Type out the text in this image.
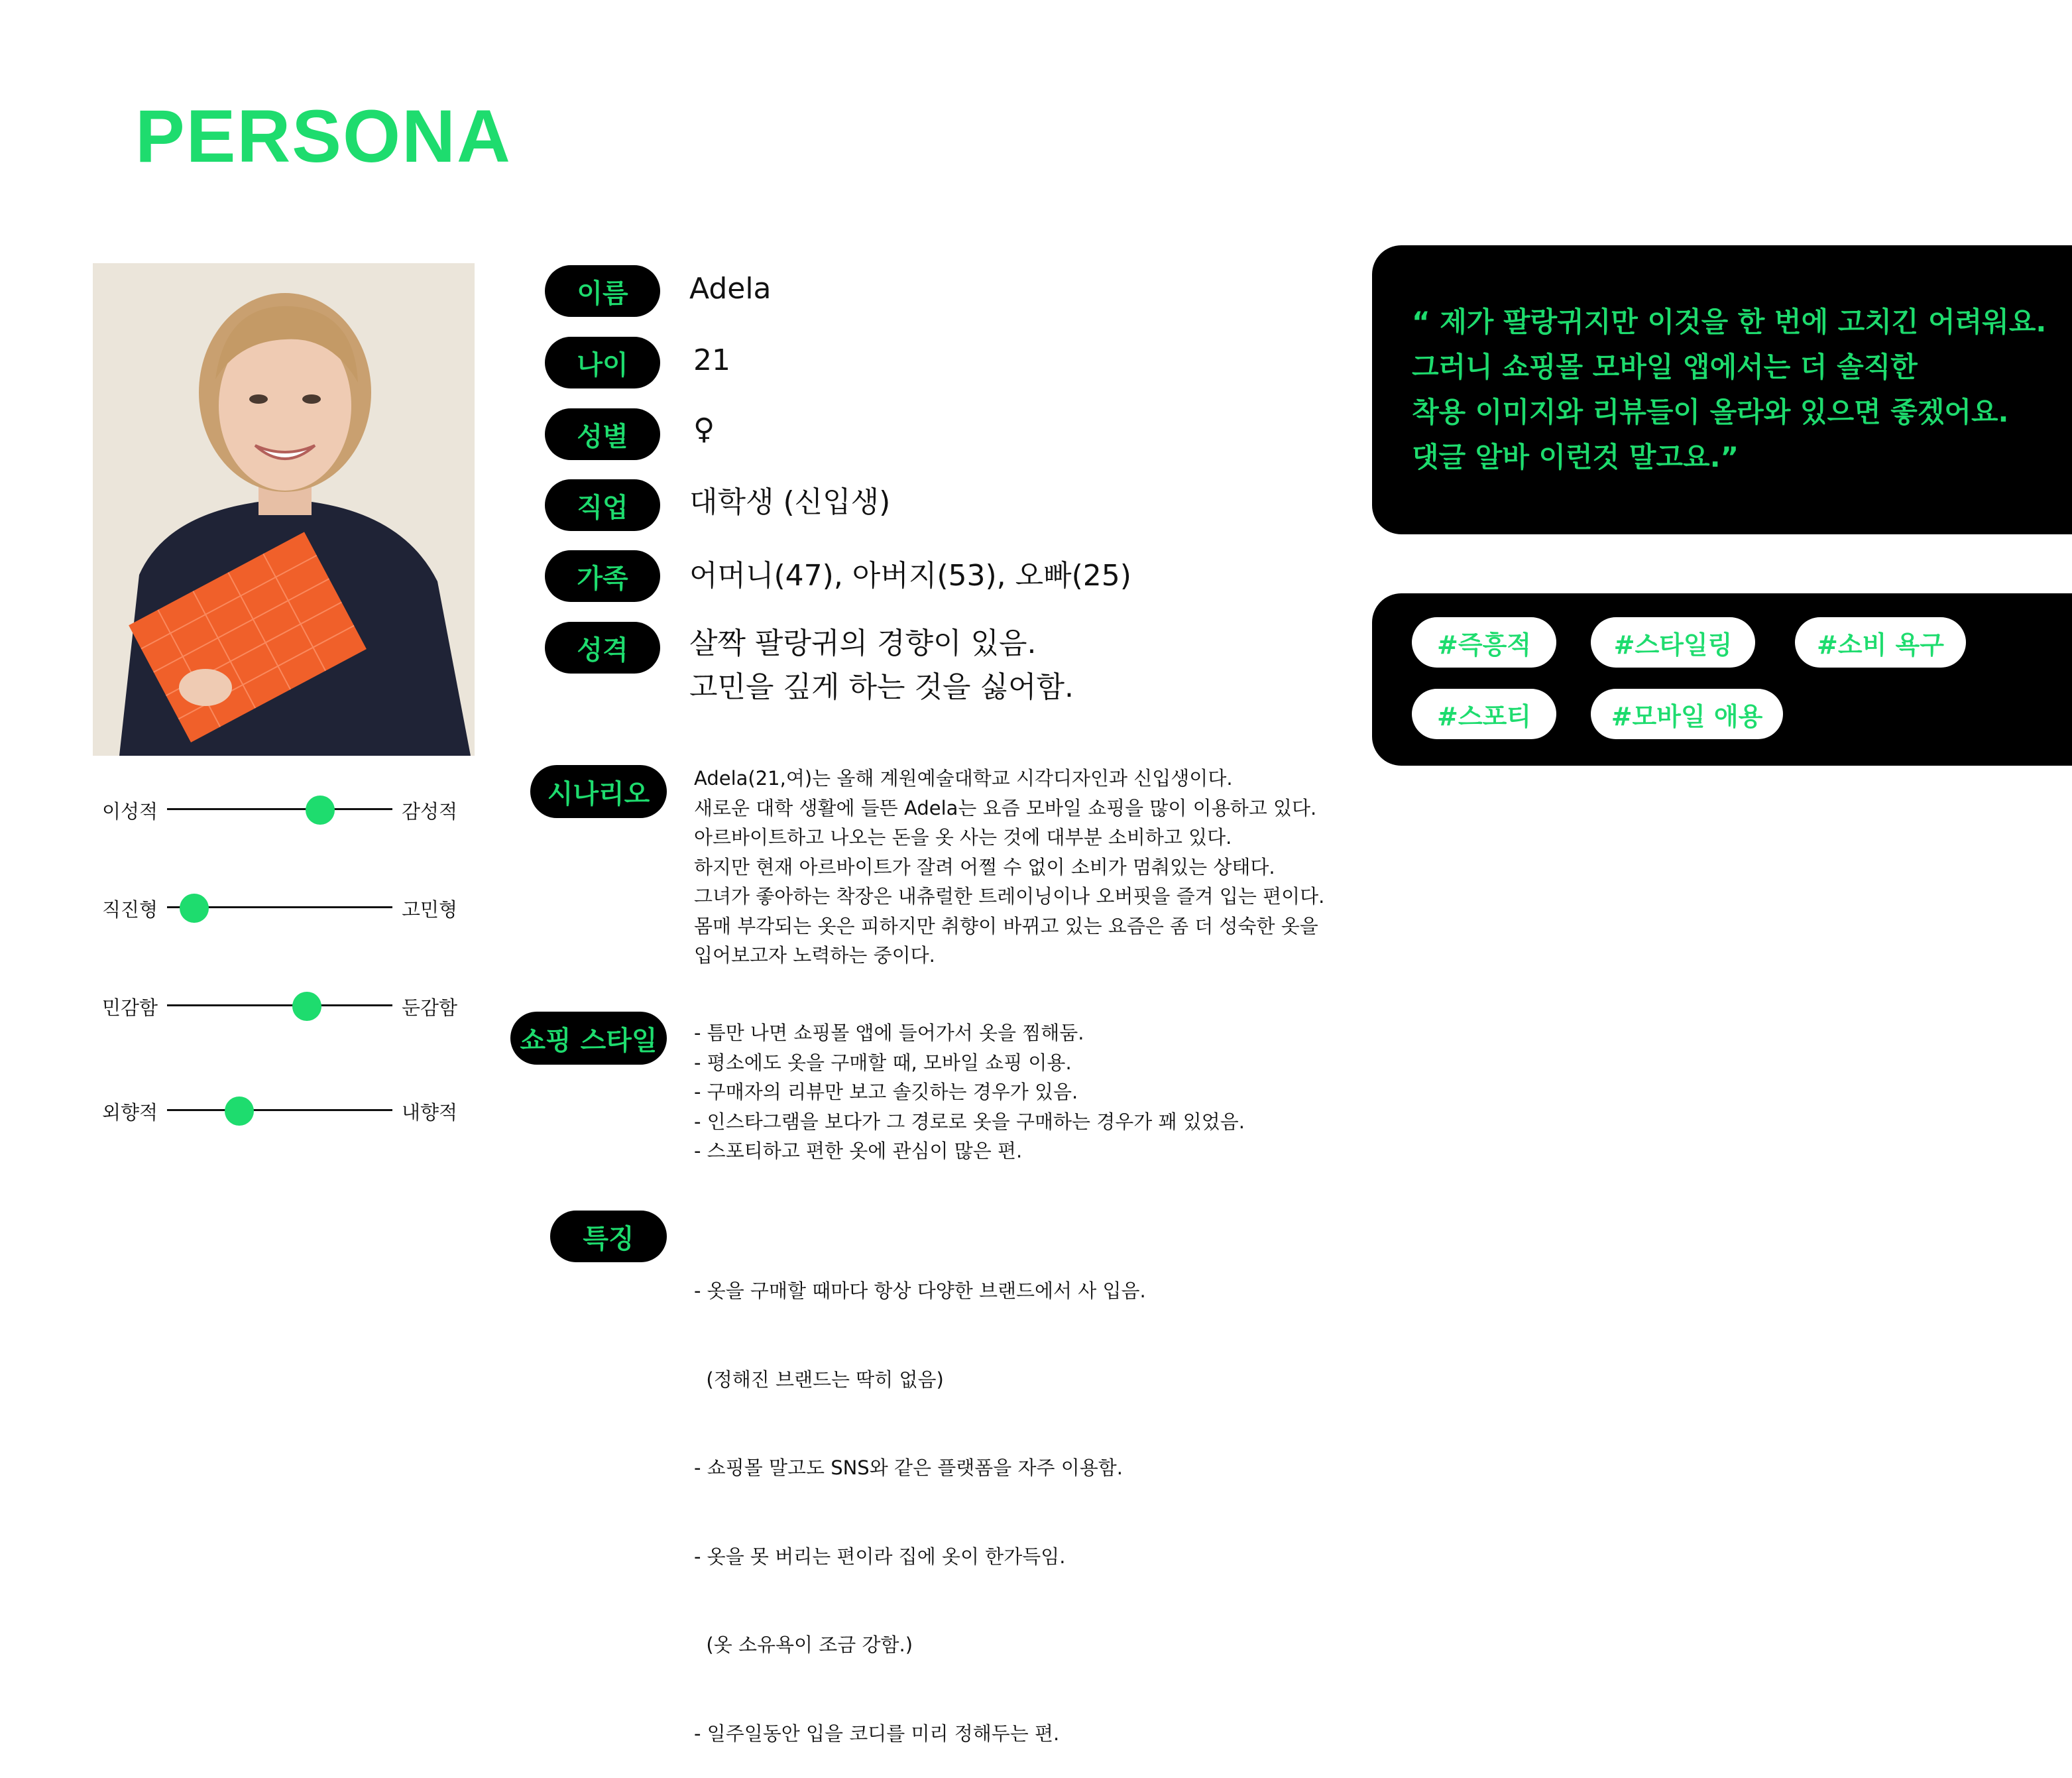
PERSONA
이름	Adela
나이	21
성별	♀
직업	대학생 (신입생)
가족	어머니(47), 아버지(53), 오빠(25)
성격	살짝 팔랑귀의 경향이 있음.
고민을 깊게 하는 것을 싫어함.
시나리오
Adela(21,여)는 올해 계원예술대학교 시각디자인과 신입생이다.
새로운 대학 생활에 들뜬 Adela는 요즘 모바일 쇼핑을 많이 이용하고 있다.
아르바이트하고 나오는 돈을 옷 사는 것에 대부분 소비하고 있다.
하지만 현재 아르바이트가 잘려 어쩔 수 없이 소비가 멈춰있는 상태다.
그녀가 좋아하는 착장은 내츄럴한 트레이닝이나 오버핏을 즐겨 입는 편이다.
몸매 부각되는 옷은 피하지만 취향이 바뀌고 있는 요즘은 좀 더 성숙한 옷을
입어보고자 노력하는 중이다.
쇼핑 스타일	- 틈만 나면 쇼핑몰 앱에 들어가서 옷을 찜해둠.
- 평소에도 옷을 구매할 때, 모바일 쇼핑 이용.
- 구매자의 리뷰만 보고 솔깃하는 경우가 있음.
- 인스타그램을 보다가 그 경로로 옷을 구매하는 경우가 꽤 있었음.
- 스포티하고 편한 옷에 관심이 많은 편.
특징

- 옷을 구매할 때마다 항상 다양한 브랜드에서 사 입음.

(정해진 브랜드는 딱히 없음)

- 쇼핑몰 말고도 SNS와 같은 플랫폼을 자주 이용함.

- 옷을 못 버리는 편이라 집에 옷이 한가득임.

(옷 소유욕이 조금 강함.)

- 일주일동안 입을 코디를 미리 정해두는 편.

이성적	감성적
직진형	고민형
민감함	둔감함
외향적	내향적
“ 제가 팔랑귀지만 이것을 한 번에 고치긴 어려워요.
그러니 쇼핑몰 모바일 앱에서는 더 솔직한
착용 이미지와 리뷰들이 올라와 있으면 좋겠어요.
댓글 알바 이런것 말고요.”
#즉흥적	#스타일링	#소비 욕구
#스포티	#모바일 애용
